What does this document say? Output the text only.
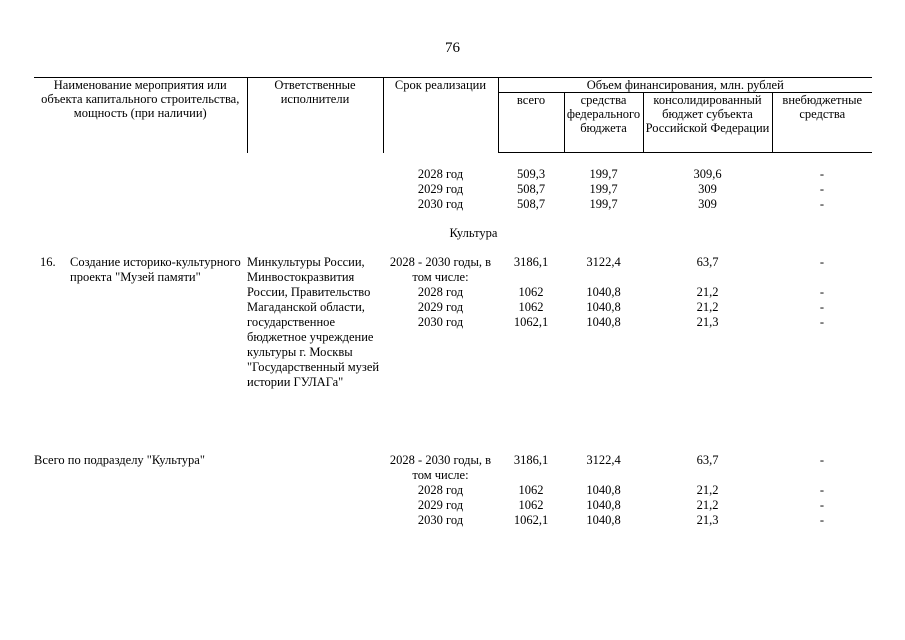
76
Наименование мероприятия или объекта капитального строительства, мощность (при наличии)	Ответственные исполнители	Срок реализации	Объем финансирования, млн. рублей			
			всего	средства федерального бюджета	консолидированный бюджет субъекта Российской Федерации	внебюджетные средства

		2028 год	509,3	199,7	309,6	-
		2029 год	508,7	199,7	309	-
		2030 год	508,7	199,7	309	-

		Культура				

16. Создание историко-культурного проекта "Музей памяти"	Минкультуры России, Минвостокразвития России, Правительство Магаданской области, государственное бюджетное учреждение культуры г. Москвы "Государственный музей истории ГУЛАГа"	2028 - 2030 годы, в том числе:	3186,1	3122,4	63,7	-
		2028 год	1062	1040,8	21,2	-
		2029 год	1062	1040,8	21,2	-
		2030 год	1062,1	1040,8	21,3	-

Всего по подразделу "Культура"		2028 - 2030 годы, в том числе:	3186,1	3122,4	63,7	-
		2028 год	1062	1040,8	21,2	-
		2029 год	1062	1040,8	21,2	-
		2030 год	1062,1	1040,8	21,3	-
